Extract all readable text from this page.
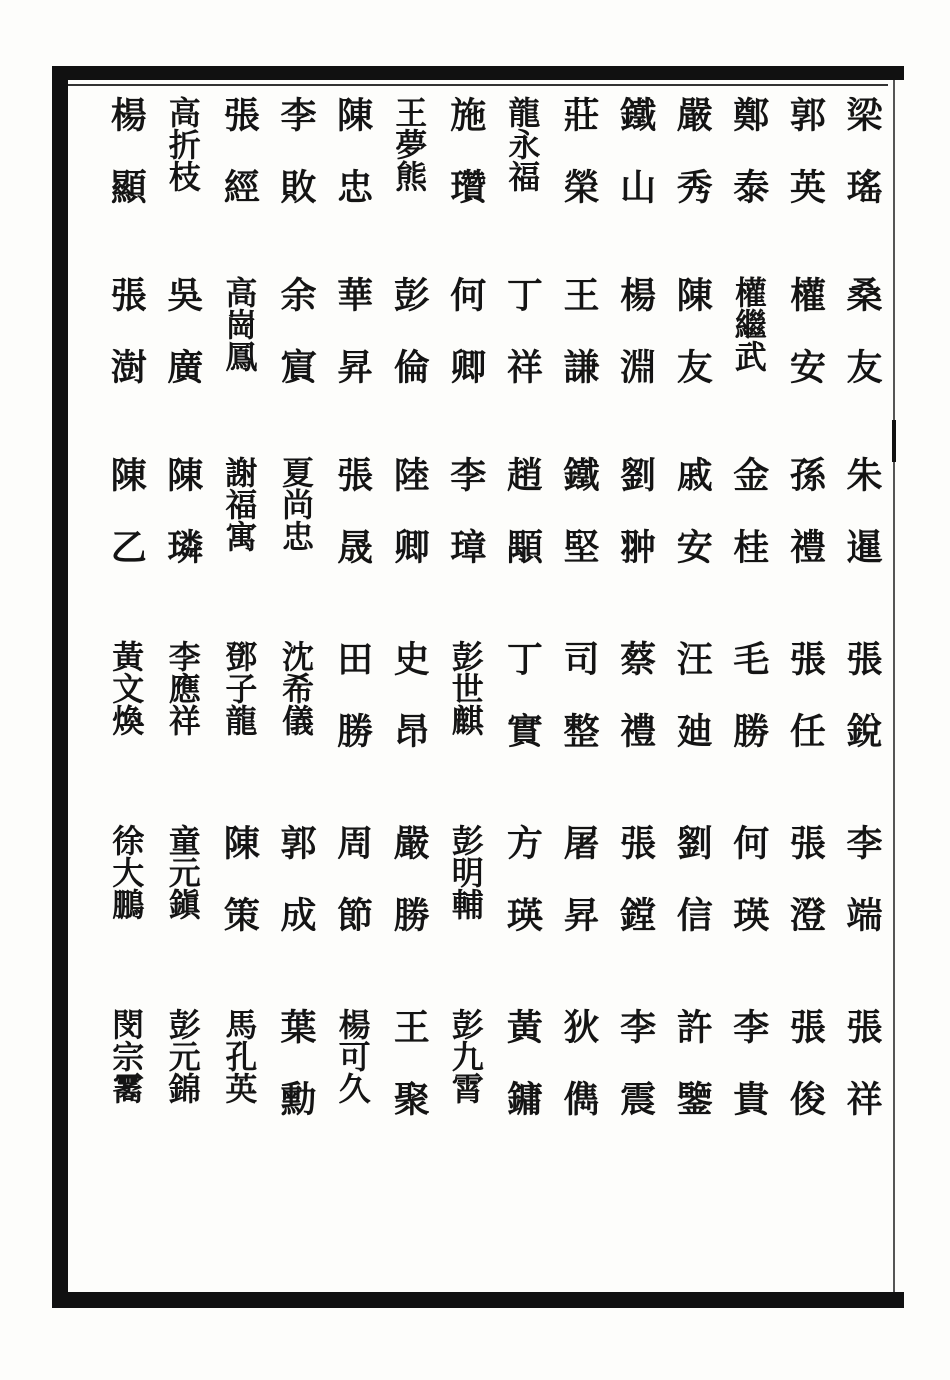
梁瑤
桑友
朱暹
張銳
李端
張祥
郭英
權安
孫禮
張任
張澄
張俊
鄭泰
權繼武
金桂
毛勝
何瑛
李貴
嚴秀
陳友
戚安
汪廸
劉信
許鑒
鐵山
楊淵
劉翀
蔡禮
張鏜
李震
莊榮
王謙
鐵堅
司整
屠昇
狄儁
龍永福
丁祥
趙顒
丁實
方瑛
黃鏞
施瓚
何卿
李璋
彭世麒
彭明輔
彭九霄
王夢熊
彭倫
陸卿
史昂
嚴勝
王聚
陳忠
華昇
張晟
田勝
周節
楊可久
李敗
余賔
夏尚忠
沈希儀
郭成
葉勳
張經
高崗鳳
謝福寓
鄧子龍
陳策
馬孔英
高折枝
吳廣
陳璘
李應祥
童元鎭
彭元錦
楊顯
張澍
陳乙
黃文煥
徐大鵬
閔宗霱
